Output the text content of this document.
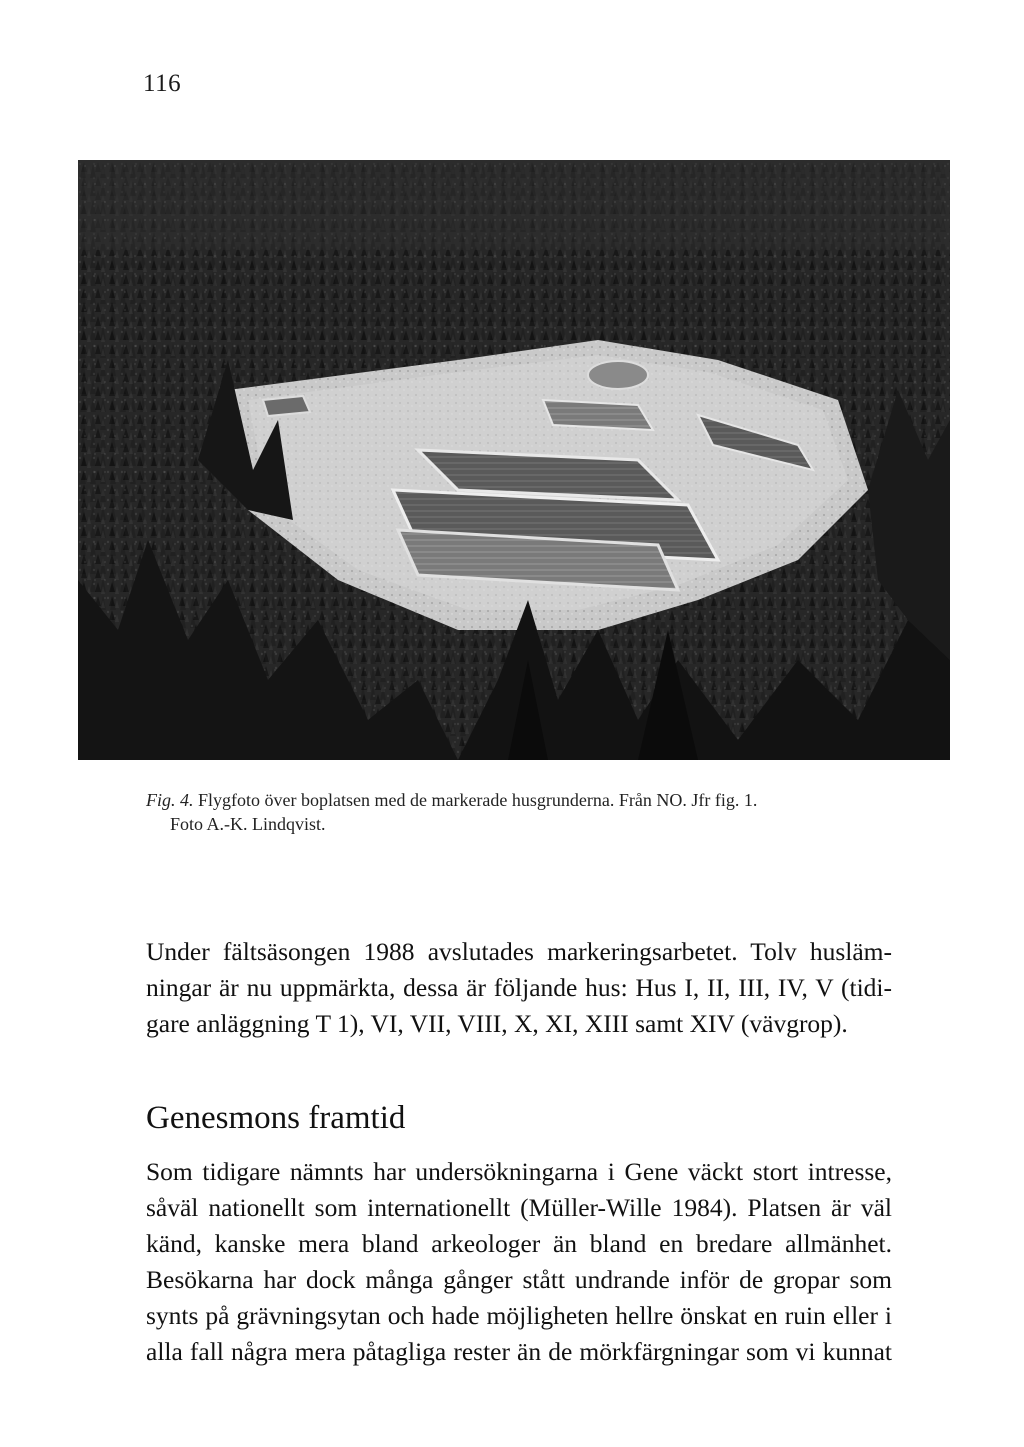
116
Fig. 4. Flygfoto över boplatsen med de markerade husgrunderna. Från NO. Jfr fig. 1.
Foto A.-K. Lindqvist.
Under fältsäsongen 1988 avslutades markeringsarbetet. Tolv husläm-
ningar är nu uppmärkta, dessa är följande hus: Hus I, II, III, IV, V (tidi-
gare anläggning T 1), VI, VII, VIII, X, XI, XIII samt XIV (vävgrop).
Genesmons framtid
Som tidigare nämnts har undersökningarna i Gene väckt stort intresse,
såväl nationellt som internationellt (Müller-Wille 1984). Platsen är väl
känd, kanske mera bland arkeologer än bland en bredare allmänhet.
Besökarna har dock många gånger stått undrande inför de gropar som
synts på grävningsytan och hade möjligheten hellre önskat en ruin eller i
alla fall några mera påtagliga rester än de mörkfärgningar som vi kunnat
